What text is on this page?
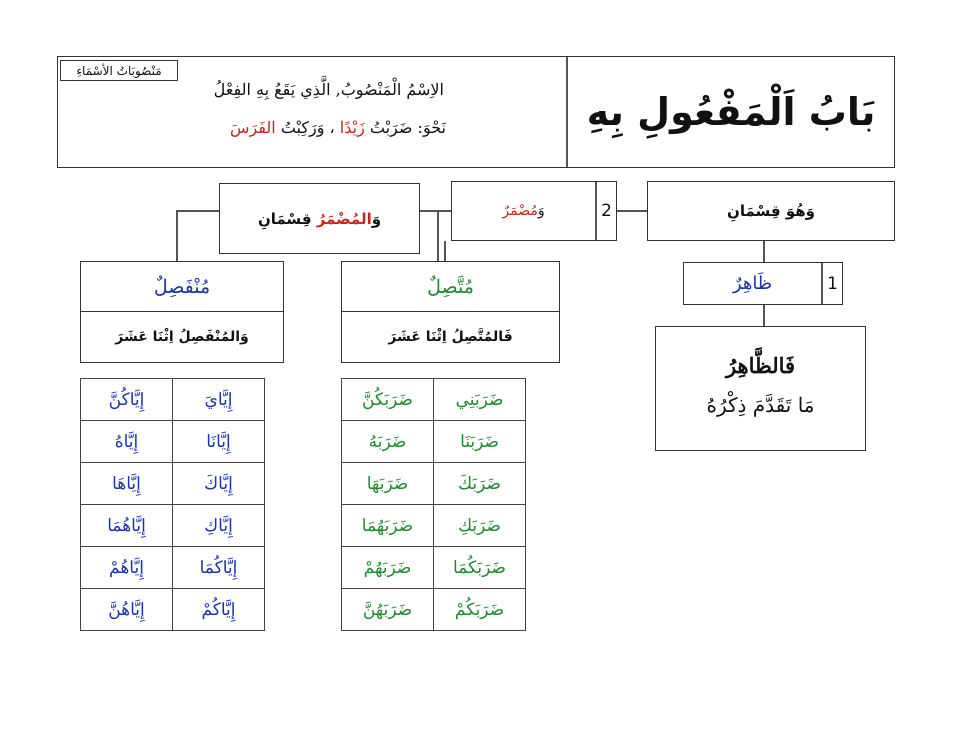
مَنْصُوبَاتُ الأسْمَاءِ
الاِسْمُ الْمَنْصُوبُ, الَّذِي يَقَعُ بِهِ الفِعْلُ
نَحْوَ: ضَرَبْتُ زَيْدًا ، وَرَكِبْتُ الفَرَسَ	بَابُ اَلْمَفْعُولِ بِهِ
وَهُوَ قِسْمَانِ
2
وَ
مُضْمَرٌ
وَ
المُضْمَرُ

قِسْمَانِ
1
ظَاهِرٌ
فَالظَّاهِرُ
مَا تَقَدَّمَ ذِكْرُهُ
مُتَّصِلٌ
فَالمُتَّصِلُ اِثْنَا عَشَرَ
ضَرَبَنِي	ضَرَبَكُنَّ
ضَرَبَنَا	ضَرَبَهُ
ضَرَبَكَ	ضَرَبَهَا
ضَرَبَكِ	ضَرَبَهُمَا
ضَرَبَكُمَا	ضَرَبَهُمْ
ضَرَبَكُمْ	ضَرَبَهُنَّ
مُنْفَصِلٌ
وَالمُنْفَصِلُ اِثْنَا عَشَرَ
إِيَّايَ	إِيَّاكُنَّ
إِيَّانَا	إِيَّاهُ
إِيَّاكَ	إِيَّاهَا
إِيَّاكِ	إِيَّاهُمَا
إِيَّاكُمَا	إِيَّاهُمْ
إِيَّاكُمْ	إِيَّاهُنَّ
